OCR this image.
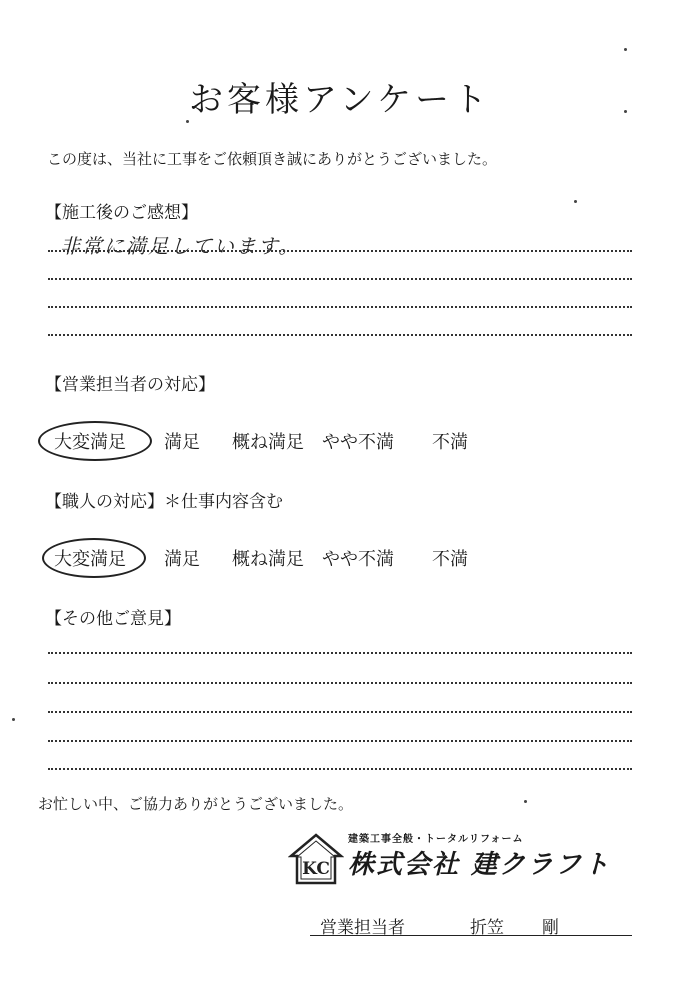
お客様アンケート
この度は、当社に工事をご依頼頂き誠にありがとうございました。
【施工後のご感想】
非常に満足しています。
【営業担当者の対応】
大変満足 満足 概ね満足 やや不満 不満
【職人の対応】＊仕事内容含む
大変満足 満足 概ね満足 やや不満 不満
【その他ご意見】
お忙しい中、ご協力ありがとうございました。
KC
建築工事全般・トータルリフォーム
株式会社 建クラフト
営業担当者	折笠 剛
